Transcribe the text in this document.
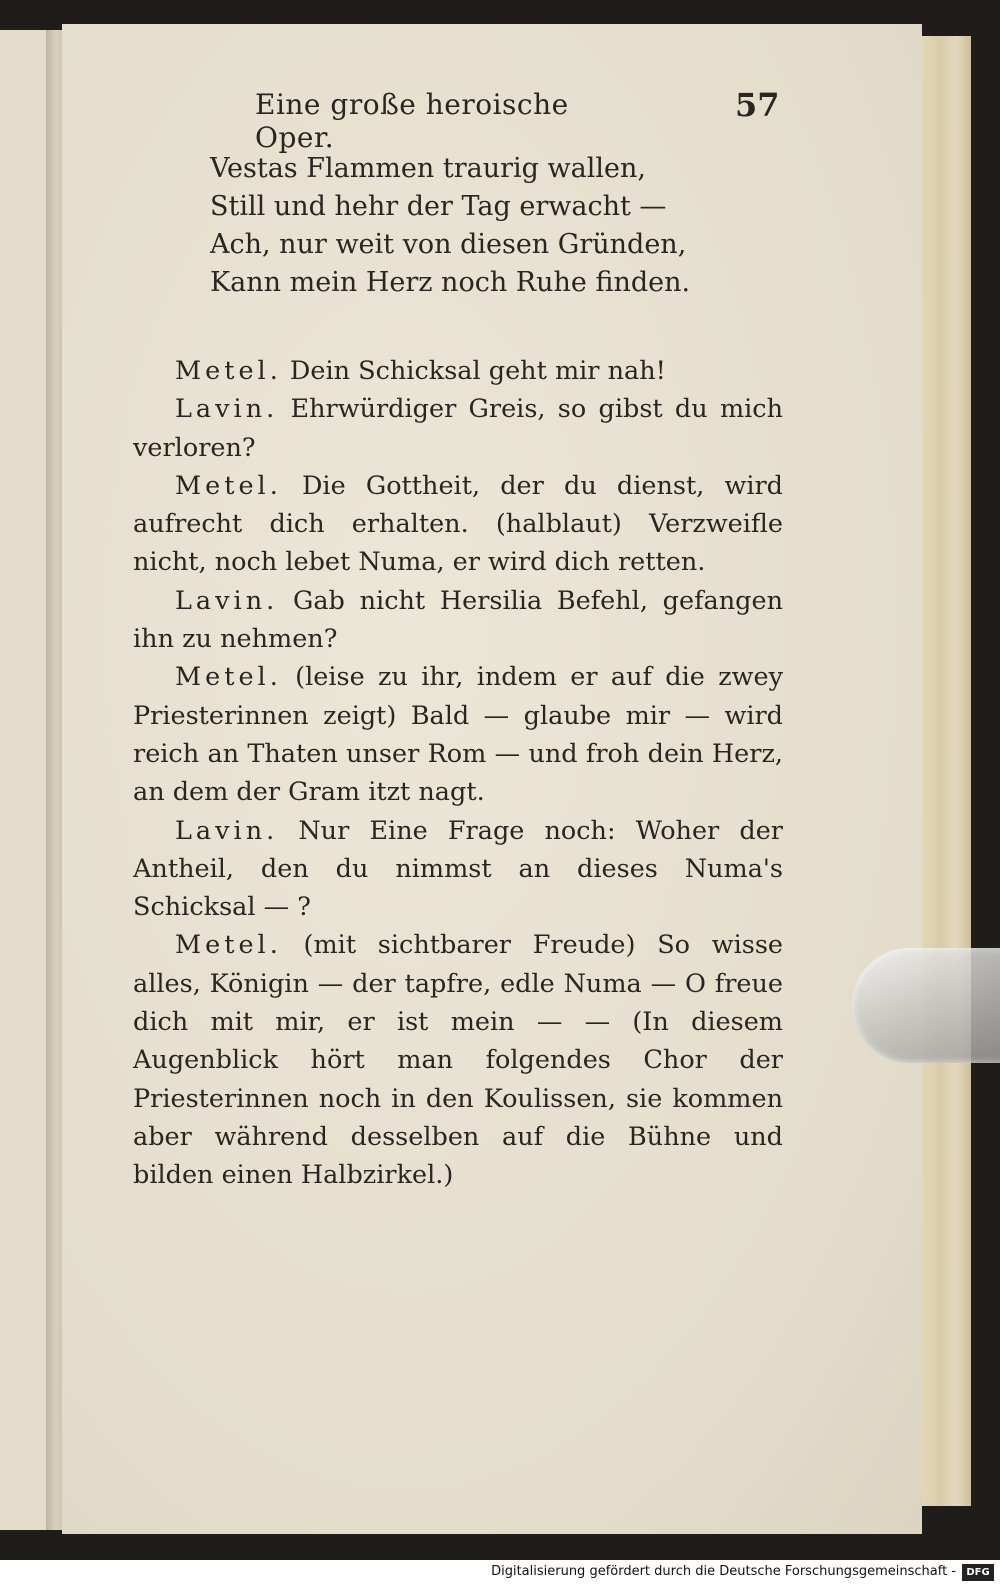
Eine große heroische Oper.
57
Vestas Flammen traurig wallen,
Still und hehr der Tag erwacht —
Ach, nur weit von diesen Gründen,
Kann mein Herz noch Ruhe finden.

Metel. Dein Schicksal geht mir nah!

Lavin. Ehrwürdiger Greis, so gibst du mich verloren?

Metel. Die Gottheit, der du dienst, wird aufrecht dich erhalten. (halblaut) Verzweifle nicht, noch lebet Numa, er wird dich retten.

Lavin. Gab nicht Hersilia Befehl, gefangen ihn zu nehmen?

Metel. (leise zu ihr, indem er auf die zwey Priesterinnen zeigt) Bald — glaube mir — wird reich an Thaten unser Rom — und froh dein Herz, an dem der Gram itzt nagt.

Lavin. Nur Eine Frage noch: Woher der Antheil, den du nimmst an dieses Numa's Schicksal — ?

Metel. (mit sichtbarer Freude) So wisse alles, Königin — der tapfre, edle Numa — O freue dich mit mir, er ist mein — — (In diesem Augenblick hört man folgendes Chor der Priesterinnen noch in den Koulissen, sie kommen aber während desselben auf die Bühne und bilden einen Halbzirkel.)

Digitalisierung gefördert durch die Deutsche Forschungsgemeinschaft -	DFG
